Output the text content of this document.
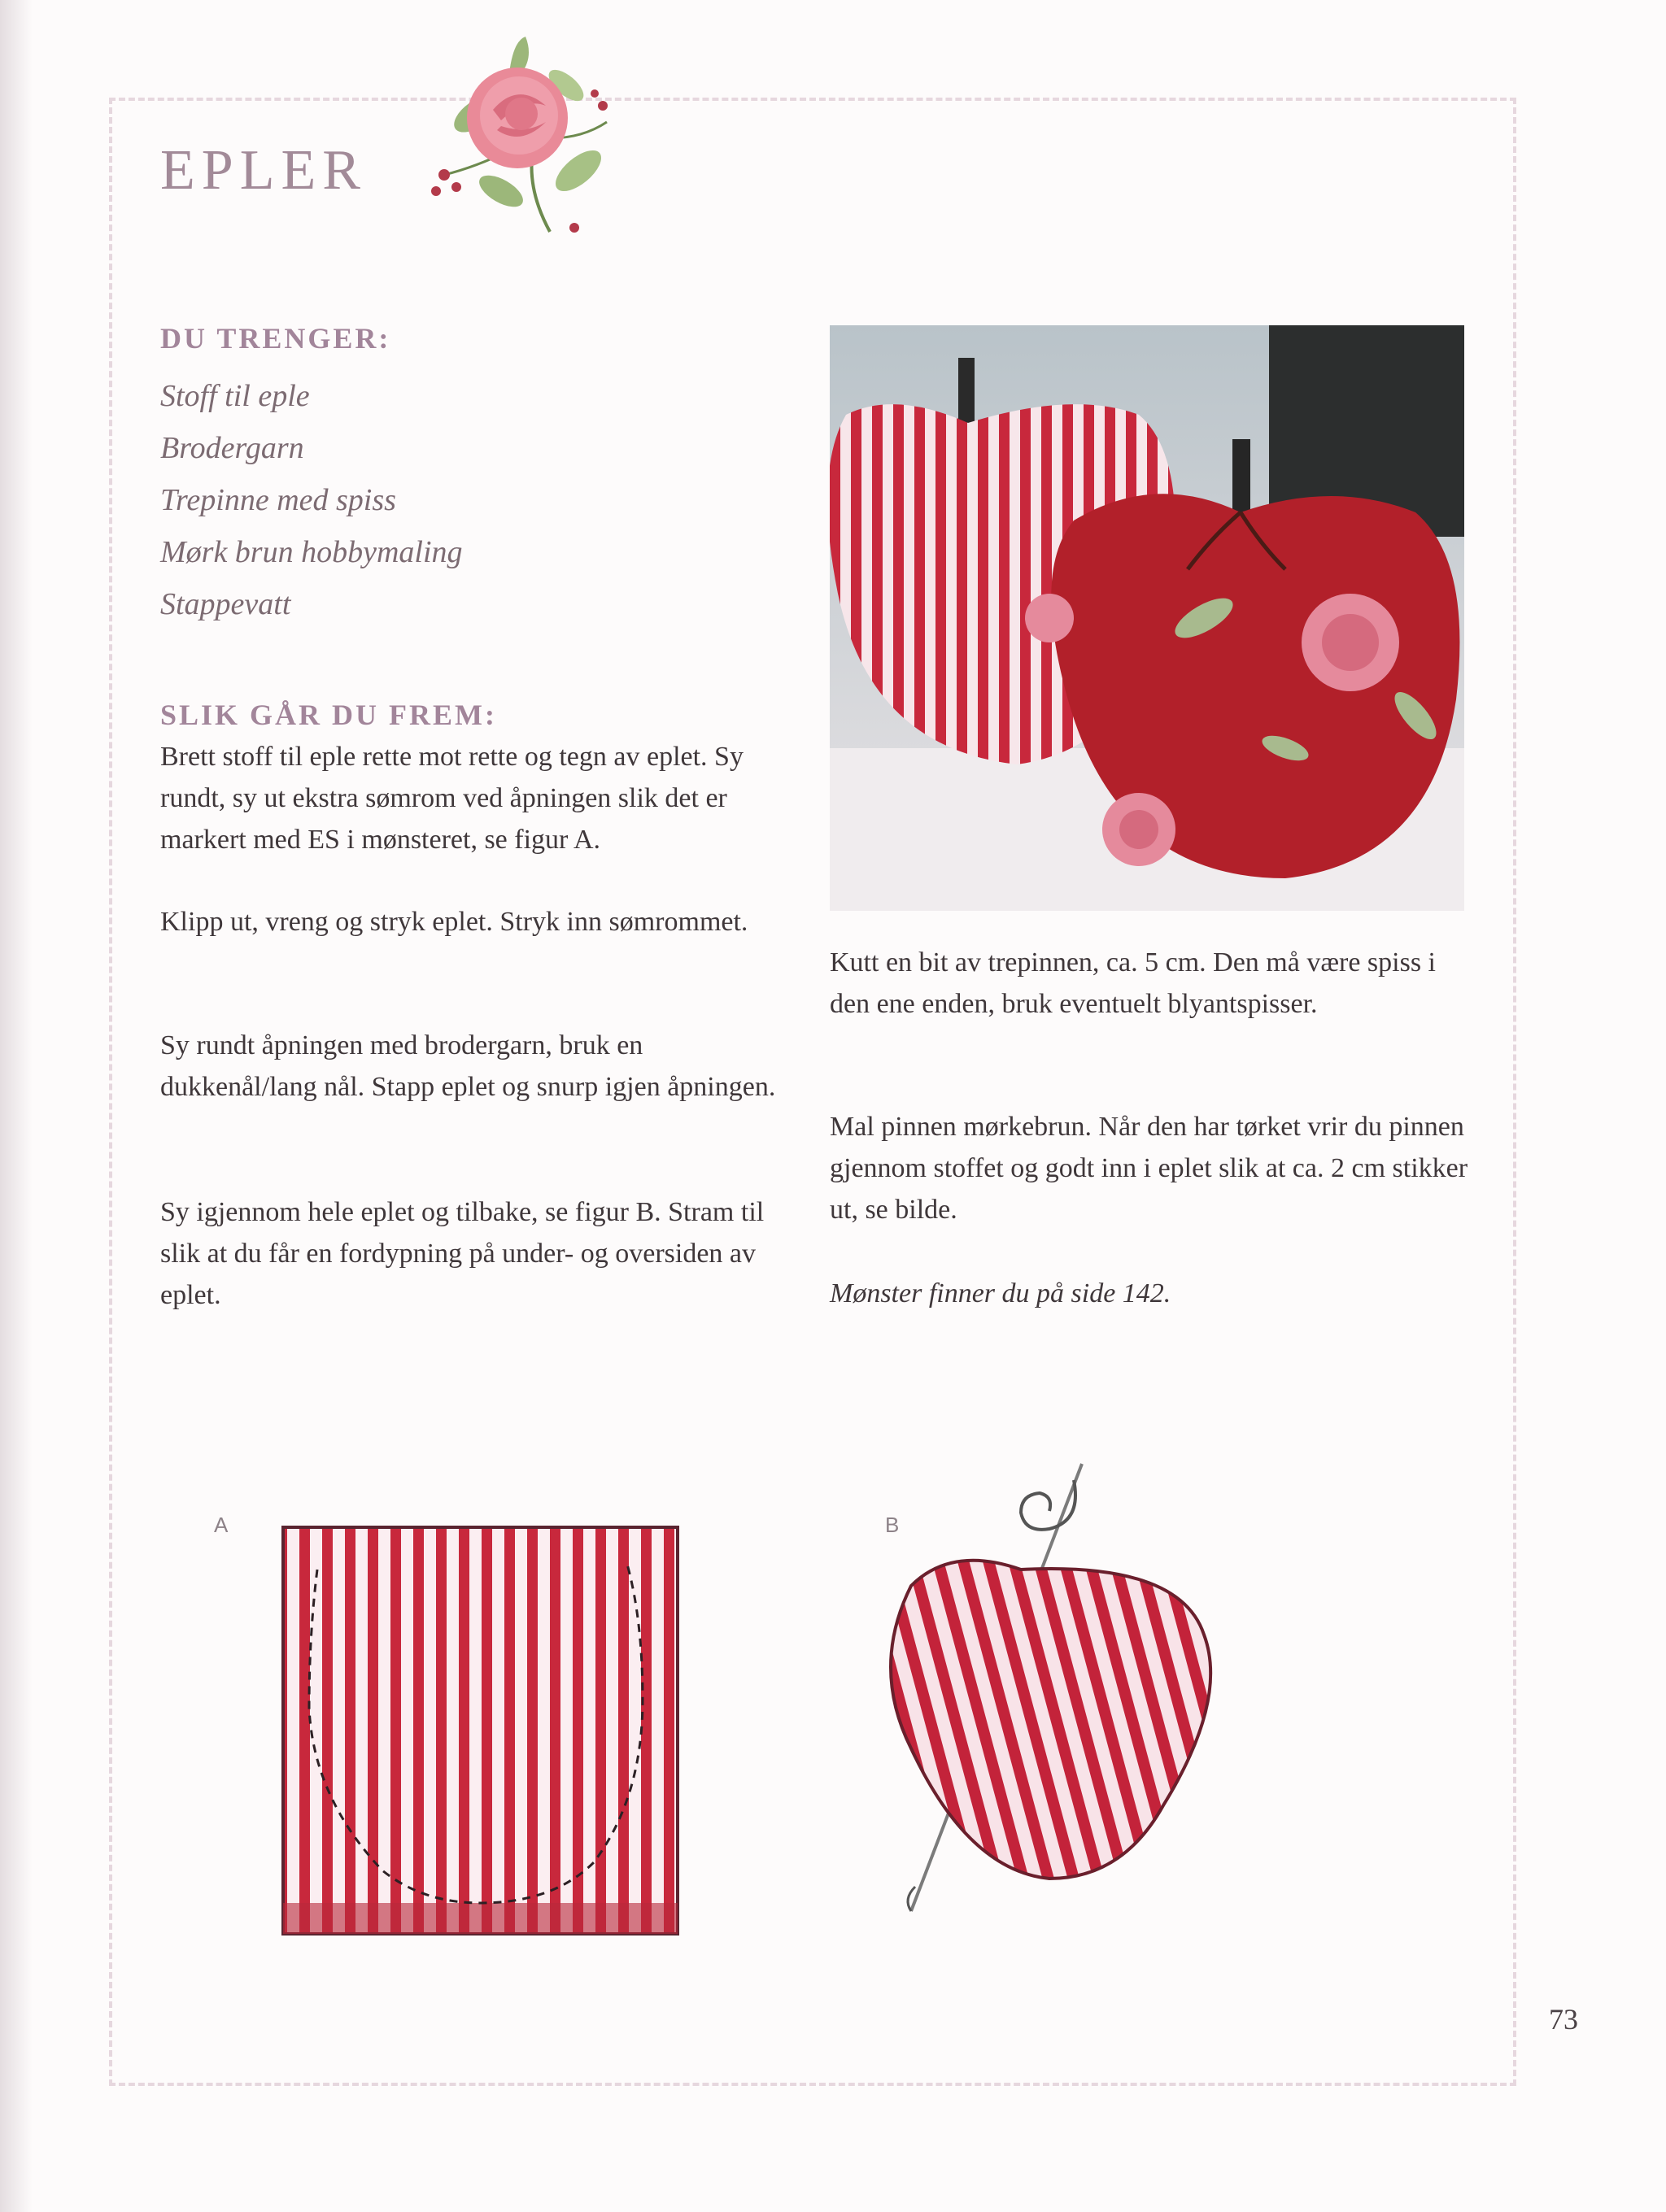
EPLER
DU TRENGER:
Stoff til eple
Brodergarn
Trepinne med spiss
Mørk brun hobbymaling
Stappevatt
SLIK GÅR DU FREM:

Brett stoff til eple rette mot rette og tegn av eplet. Sy rundt, sy ut ekstra sømrom ved åpningen slik det er markert med ES i mønsteret, se figur A.

Klipp ut, vreng og stryk eplet. Stryk inn sømrommet.

Sy rundt åpningen med brodergarn, bruk en dukkenål/lang nål. Stapp eplet og snurp igjen åpningen.

Sy igjennom hele eplet og tilbake, se figur B. Stram til slik at du får en fordypning på under- og oversiden av eplet.

Kutt en bit av trepinnen, ca. 5 cm. Den må være spiss i den ene enden, bruk eventuelt blyantspisser.

Mal pinnen mørkebrun. Når den har tørket vrir du pinnen gjennom stoffet og godt inn i eplet slik at ca. 2 cm stikker ut, se bilde.

Mønster finner du på side 142.

A	B
73
